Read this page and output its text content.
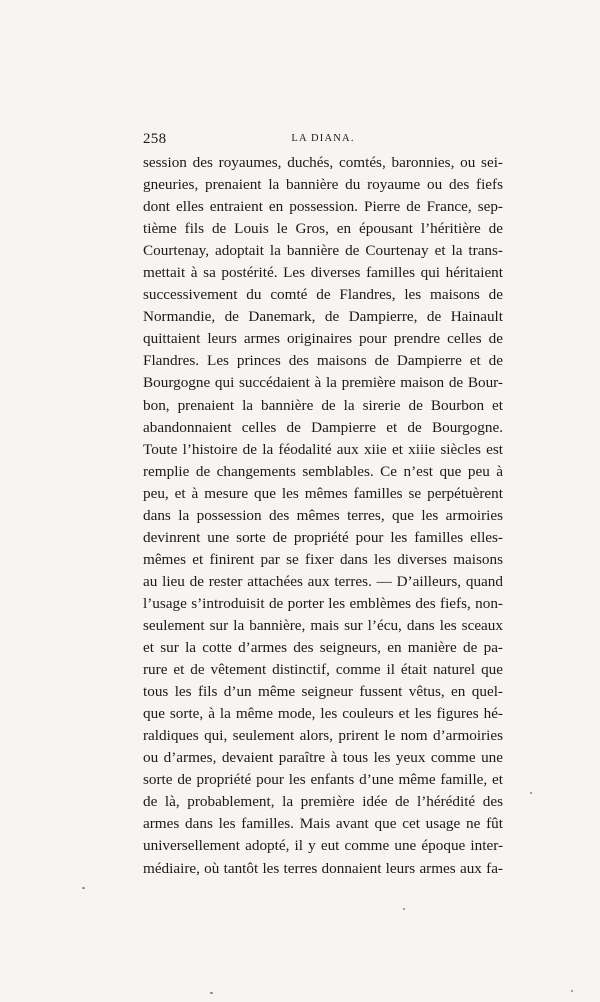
258	LA DIANA.
session des royaumes, duchés, comtés, baronnies, ou sei-
gneuries, prenaient la bannière du royaume ou des fiefs
dont elles entraient en possession. Pierre de France, sep-
tième fils de Louis le Gros, en épousant l’héritière de
Courtenay, adoptait la bannière de Courtenay et la trans-
mettait à sa postérité. Les diverses familles qui héritaient
successivement du comté de Flandres, les maisons de
Normandie, de Danemark, de Dampierre, de Hainault
quittaient leurs armes originaires pour prendre celles de
Flandres. Les princes des maisons de Dampierre et de
Bourgogne qui succédaient à la première maison de Bour-
bon, prenaient la bannière de la sirerie de Bourbon et
abandonnaient celles de Dampierre et de Bourgogne.
Toute l’histoire de la féodalité aux xiie et xiiie siècles est
remplie de changements semblables. Ce n’est que peu à
peu, et à mesure que les mêmes familles se perpétuèrent
dans la possession des mêmes terres, que les armoiries
devinrent une sorte de propriété pour les familles elles-
mêmes et finirent par se fixer dans les diverses maisons
au lieu de rester attachées aux terres. — D’ailleurs, quand
l’usage s’introduisit de porter les emblèmes des fiefs, non-
seulement sur la bannière, mais sur l’écu, dans les sceaux
et sur la cotte d’armes des seigneurs, en manière de pa-
rure et de vêtement distinctif, comme il était naturel que
tous les fils d’un même seigneur fussent vêtus, en quel-
que sorte, à la même mode, les couleurs et les figures hé-
raldiques qui, seulement alors, prirent le nom d’armoiries
ou d’armes, devaient paraître à tous les yeux comme une
sorte de propriété pour les enfants d’une même famille, et
de là, probablement, la première idée de l’hérédité des
armes dans les familles. Mais avant que cet usage ne fût
universellement adopté, il y eut comme une époque inter-
médiaire, où tantôt les terres donnaient leurs armes aux fa-
